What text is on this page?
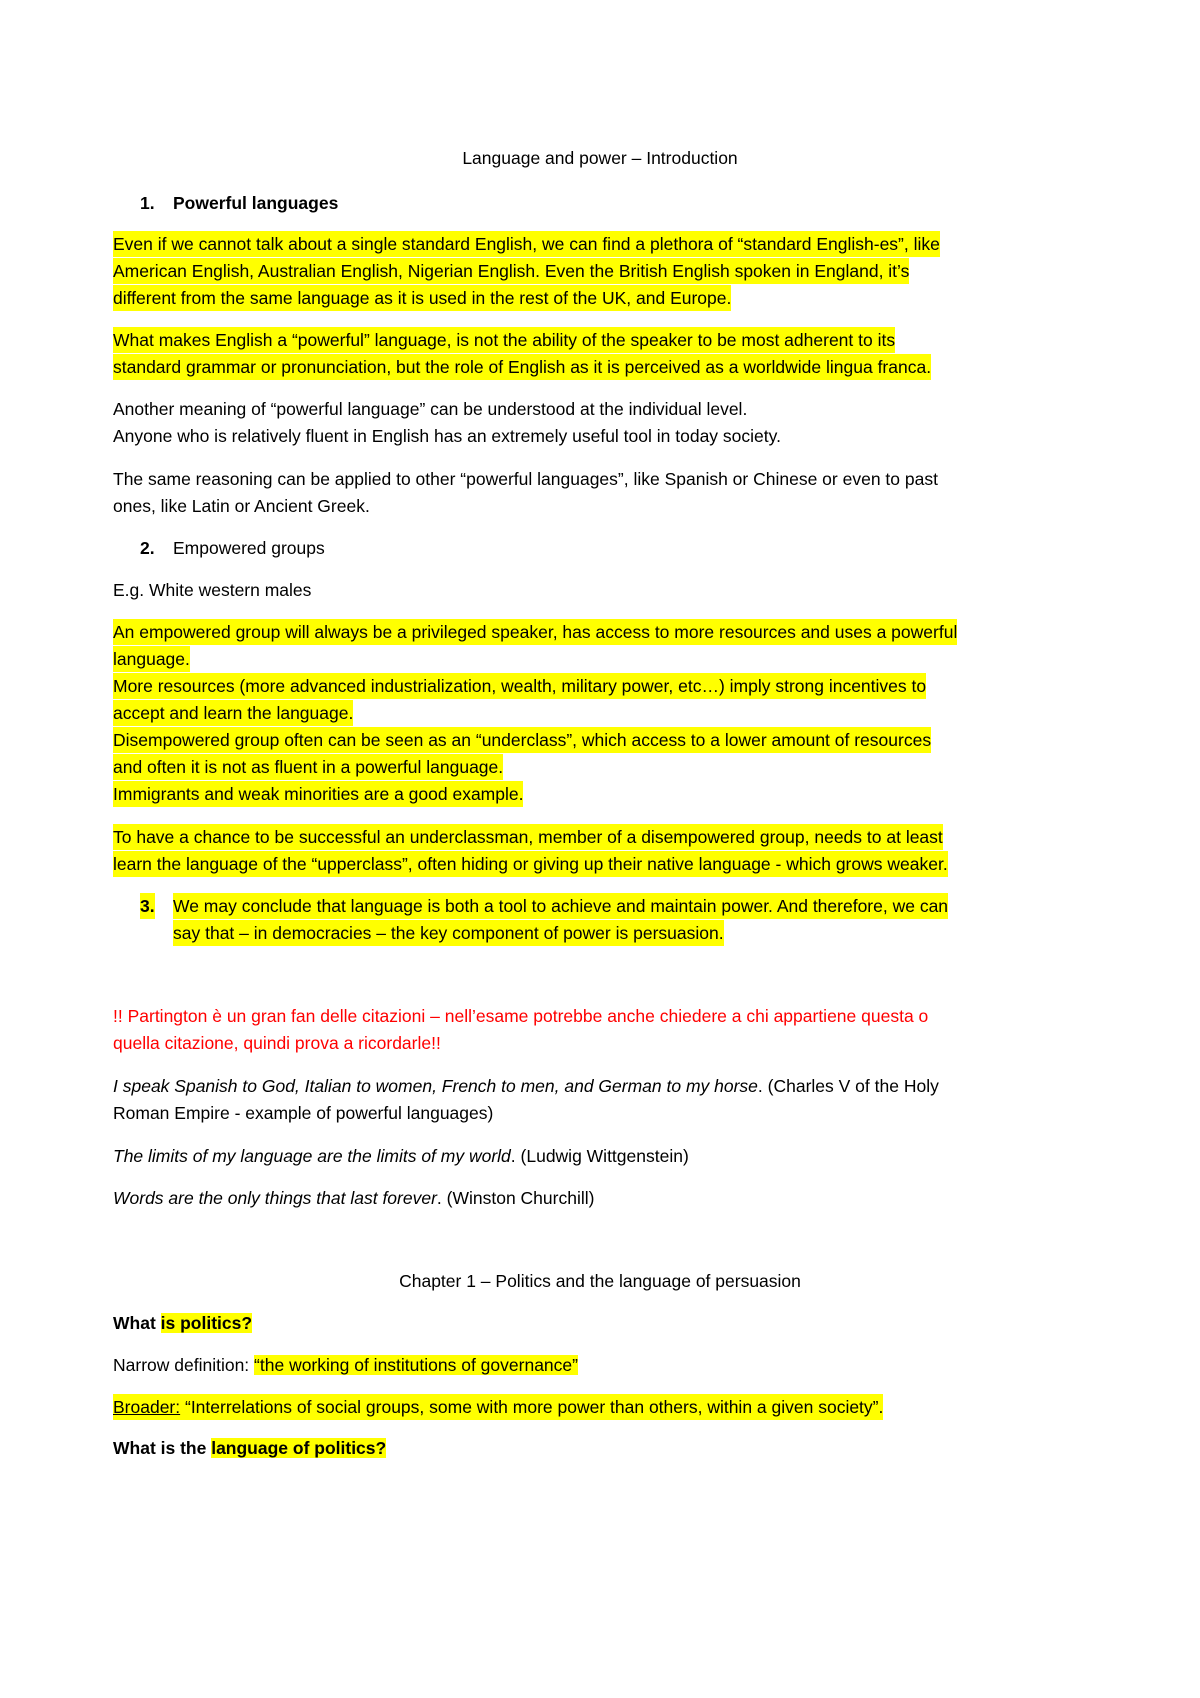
Language and power – Introduction
1. Powerful languages
Even if we cannot talk about a single standard English, we can find a plethora of “standard English-es”, like
American English, Australian English, Nigerian English. Even the British English spoken in England, it’s
different from the same language as it is used in the rest of the UK, and Europe.
What makes English a “powerful” language, is not the ability of the speaker to be most adherent to its
standard grammar or pronunciation, but the role of English as it is perceived as a worldwide lingua franca.
Another meaning of “powerful language” can be understood at the individual level.
Anyone who is relatively fluent in English has an extremely useful tool in today society.
The same reasoning can be applied to other “powerful languages”, like Spanish or Chinese or even to past
ones, like Latin or Ancient Greek.
2. Empowered groups
E.g. White western males
An empowered group will always be a privileged speaker, has access to more resources and uses a powerful
language.
More resources (more advanced industrialization, wealth, military power, etc…) imply strong incentives to
accept and learn the language.
Disempowered group often can be seen as an “underclass”, which access to a lower amount of resources
and often it is not as fluent in a powerful language.
Immigrants and weak minorities are a good example.
To have a chance to be successful an underclassman, member of a disempowered group, needs to at least
learn the language of the “upperclass”, often hiding or giving up their native language - which grows weaker.
3. We may conclude that language is both a tool to achieve and maintain power. And therefore, we can
say that – in democracies – the key component of power is persuasion.
!! Partington è un gran fan delle citazioni – nell’esame potrebbe anche chiedere a chi appartiene questa o
quella citazione, quindi prova a ricordarle!!
I speak Spanish to God, Italian to women, French to men, and German to my horse. (Charles V of the Holy
Roman Empire - example of powerful languages)
The limits of my language are the limits of my world. (Ludwig Wittgenstein)
Words are the only things that last forever. (Winston Churchill)
Chapter 1 – Politics and the language of persuasion
What is politics?
Narrow definition: “the working of institutions of governance”
Broader: “Interrelations of social groups, some with more power than others, within a given society”.
What is the language of politics?
